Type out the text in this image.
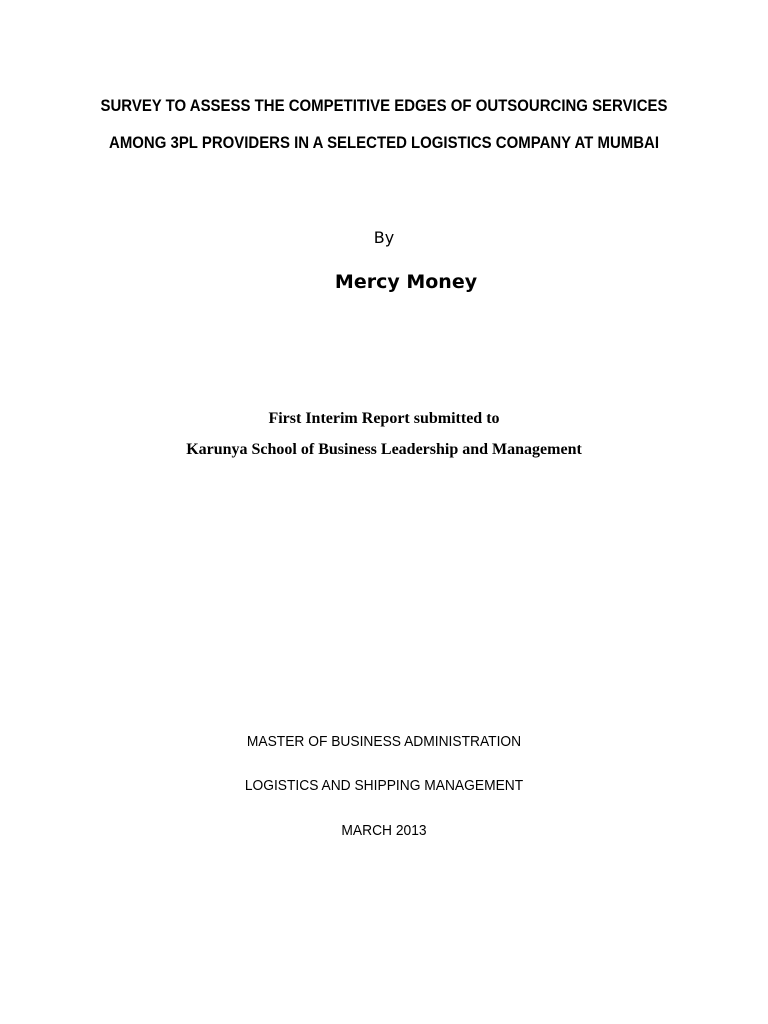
SURVEY TO ASSESS THE COMPETITIVE EDGES OF OUTSOURCING SERVICES
AMONG 3PL PROVIDERS IN A SELECTED LOGISTICS COMPANY AT MUMBAI
By
Mercy Money
First Interim Report submitted to
Karunya School of Business Leadership and Management
MASTER OF BUSINESS ADMINISTRATION
LOGISTICS AND SHIPPING MANAGEMENT
MARCH 2013
